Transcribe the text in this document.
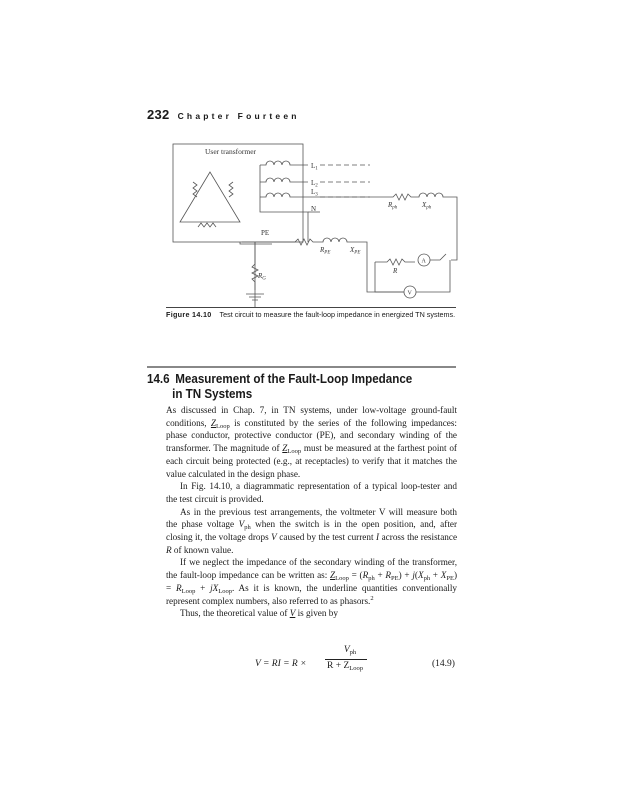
232 Chapter Fourteen
User transformer
$L_1$
$L_2$
$L_3$
N
PE
$R_{ph}$	$X_{ph}$
$R_{PE}$	$X_{PE}$
$R_G$
R
A
V
Figure 14.10 Test circuit to measure the fault-loop impedance in energized TN systems.
14.6 Measurement of the Fault-Loop Impedance
in TN Systems

As discussed in Chap. 7, in TN systems, under low-voltage ground-fault conditions, $Z_{Loop}$ is constituted by the series of the following impedances: phase conductor, protective conductor (PE), and secondary winding of the transformer. The magnitude of $Z_{Loop}$ must be measured at the farthest point of each circuit being protected (e.g., at receptacles) to verify that it matches the value calculated in the design phase.

In Fig. 14.10, a diagrammatic representation of a typical loop-tester and the test circuit is provided.

As in the previous test arrangements, the voltmeter V will measure both the phase voltage $V_{ph}$ when the switch is in the open position, and, after closing it, the voltage drops V caused by the test current I across the resistance R of known value.

If we neglect the impedance of the secondary winding of the transformer, the fault-loop impedance can be written as: $Z_{Loop} = (R_{ph} + R_{PE}) + j(X_{ph} + X_{PE}) = R_{Loop} + jX_{Loop}$. As it is known, the underline quantities conventionally represent complex numbers, also referred to as phasors.$^2$

Thus, the theoretical value of V is given by

V = RI = R ×
$V_{ph}$
$R + Z_{Loop}$	(14.9)
